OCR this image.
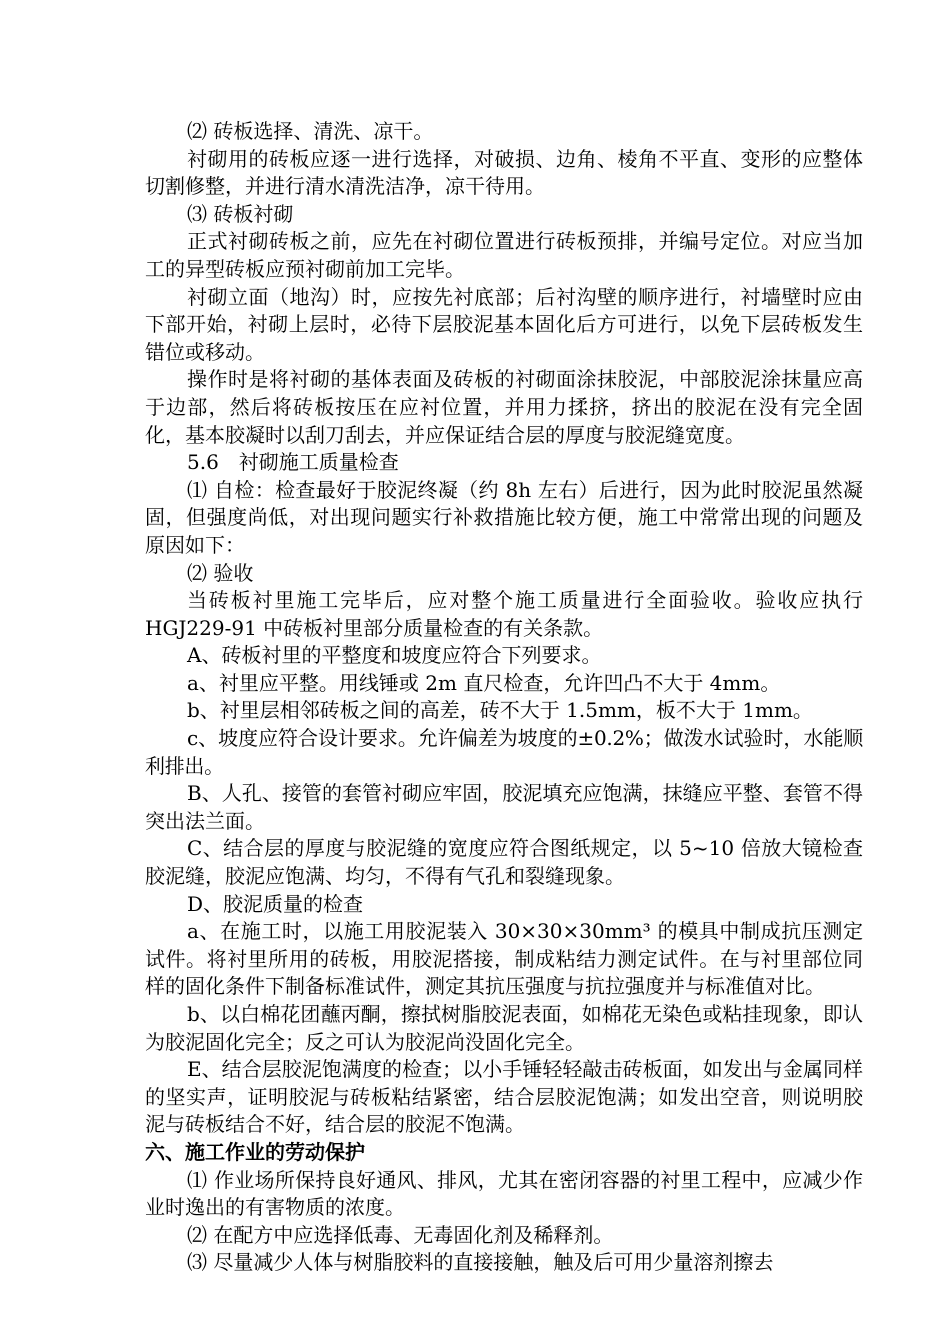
⑵ 砖板选择、清洗、凉干。

衬砌用的砖板应逐一进行选择，对破损、边角、棱角不平直、变形的应整体切割修整，并进行清水清洗洁净，凉干待用。

⑶ 砖板衬砌

正式衬砌砖板之前，应先在衬砌位置进行砖板预排，并编号定位。对应当加工的异型砖板应预衬砌前加工完毕。

衬砌立面（地沟）时，应按先衬底部；后衬沟壁的顺序进行，衬墙壁时应由下部开始，衬砌上层时，必待下层胶泥基本固化后方可进行，以免下层砖板发生错位或移动。

操作时是将衬砌的基体表面及砖板的衬砌面涂抹胶泥，中部胶泥涂抹量应高于边部，然后将砖板按压在应衬位置，并用力揉挤，挤出的胶泥在没有完全固化，基本胶凝时以刮刀刮去，并应保证结合层的厚度与胶泥缝宽度。

5.6　衬砌施工质量检查

⑴ 自检：检查最好于胶泥终凝（约 8h 左右）后进行，因为此时胶泥虽然凝固，但强度尚低，对出现问题实行补救措施比较方便，施工中常常出现的问题及原因如下：

⑵ 验收

当砖板衬里施工完毕后，应对整个施工质量进行全面验收。验收应执行 HGJ229-91 中砖板衬里部分质量检查的有关条款。

A、砖板衬里的平整度和坡度应符合下列要求。

a、衬里应平整。用线锤或 2m 直尺检查，允许凹凸不大于 4mm。

b、衬里层相邻砖板之间的高差，砖不大于 1.5mm，板不大于 1mm。

c、坡度应符合设计要求。允许偏差为坡度的±0.2%；做泼水试验时，水能顺利排出。

B、人孔、接管的套管衬砌应牢固，胶泥填充应饱满，抹缝应平整、套管不得突出法兰面。

C、结合层的厚度与胶泥缝的宽度应符合图纸规定，以 5~10 倍放大镜检查胶泥缝，胶泥应饱满、均匀，不得有气孔和裂缝现象。

D、胶泥质量的检查

a、在施工时，以施工用胶泥装入 30×30×30mm³ 的模具中制成抗压测定试件。将衬里所用的砖板，用胶泥搭接，制成粘结力测定试件。在与衬里部位同样的固化条件下制备标准试件，测定其抗压强度与抗拉强度并与标准值对比。

b、以白棉花团蘸丙酮，擦拭树脂胶泥表面，如棉花无染色或粘挂现象，即认为胶泥固化完全；反之可认为胶泥尚没固化完全。

E、结合层胶泥饱满度的检查；以小手锤轻轻敲击砖板面，如发出与金属同样的坚实声，证明胶泥与砖板粘结紧密，结合层胶泥饱满；如发出空音，则说明胶泥与砖板结合不好，结合层的胶泥不饱满。

六、施工作业的劳动保护

⑴ 作业场所保持良好通风、排风，尤其在密闭容器的衬里工程中，应减少作业时逸出的有害物质的浓度。

⑵ 在配方中应选择低毒、无毒固化剂及稀释剂。

⑶ 尽量减少人体与树脂胶料的直接接触，触及后可用少量溶剂擦去
